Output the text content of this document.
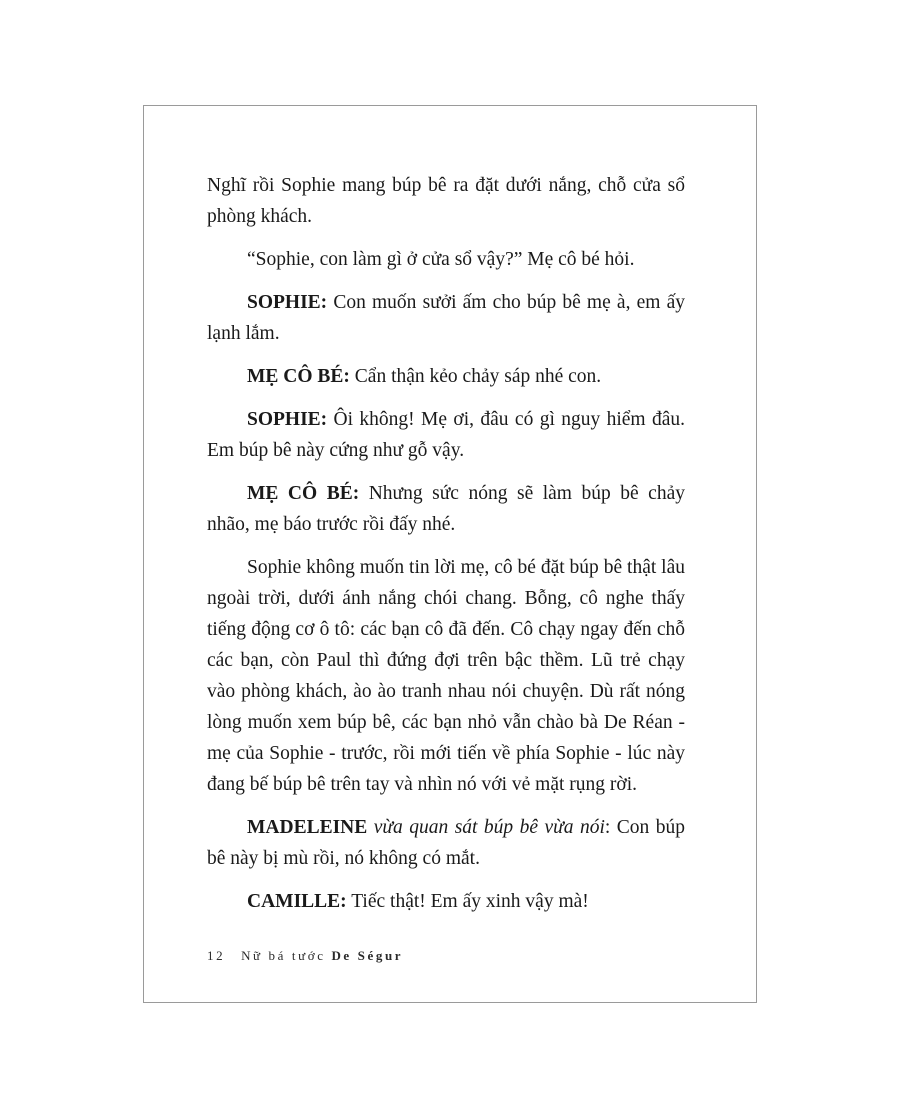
Nghĩ rồi Sophie mang búp bê ra đặt dưới nắng, chỗ cửa sổ phòng khách.

“Sophie, con làm gì ở cửa sổ vậy?” Mẹ cô bé hỏi.

SOPHIE: Con muốn sưởi ấm cho búp bê mẹ à, em ấy lạnh lắm.

MẸ CÔ BÉ: Cẩn thận kẻo chảy sáp nhé con.

SOPHIE: Ôi không! Mẹ ơi, đâu có gì nguy hiểm đâu. Em búp bê này cứng như gỗ vậy.

MẸ CÔ BÉ: Nhưng sức nóng sẽ làm búp bê chảy nhão, mẹ báo trước rồi đấy nhé.

Sophie không muốn tin lời mẹ, cô bé đặt búp bê thật lâu ngoài trời, dưới ánh nắng chói chang. Bỗng, cô nghe thấy tiếng động cơ ô tô: các bạn cô đã đến. Cô chạy ngay đến chỗ các bạn, còn Paul thì đứng đợi trên bậc thềm. Lũ trẻ chạy vào phòng khách, ào ào tranh nhau nói chuyện. Dù rất nóng lòng muốn xem búp bê, các bạn nhỏ vẫn chào bà De Réan - mẹ của Sophie - trước, rồi mới tiến về phía Sophie - lúc này đang bế búp bê trên tay và nhìn nó với vẻ mặt rụng rời.

MADELEINE vừa quan sát búp bê vừa nói: Con búp bê này bị mù rồi, nó không có mắt.

CAMILLE: Tiếc thật! Em ấy xinh vậy mà!

12 Nữ bá tước De Ségur
